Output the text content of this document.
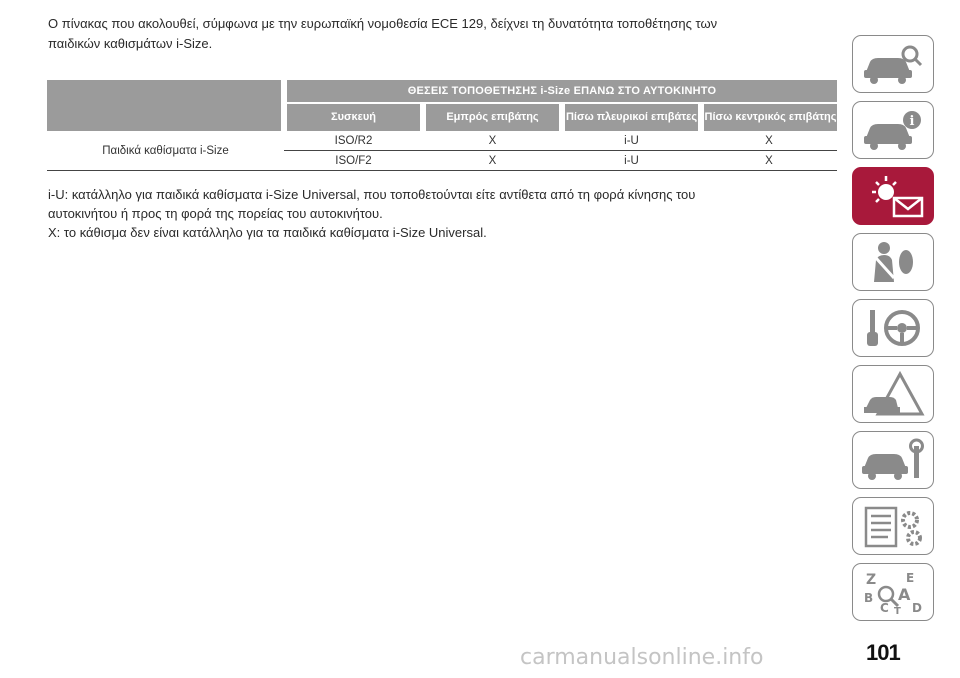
Ο πίνακας που ακολουθεί, σύμφωνα με την ευρωπαϊκή νομοθεσία ECE 129, δείχνει τη δυνατότητα τοποθέτησης των
παιδικών καθισμάτων i-Size.
	ΘΕΣΕΙΣ ΤΟΠΟΘΕΤΗΣΗΣ i-Size ΕΠΑΝΩ ΣΤΟ ΑΥΤΟΚΙΝΗΤΟ			
	Συσκευή	Εμπρός επιβάτης	Πίσω πλευρικοί επιβάτες	Πίσω κεντρικός επιβάτης
Παιδικά καθίσματα i-Size	ISO/R2	X	i-U	X
	ISO/F2	X	i-U	X

i-U: κατάλληλο για παιδικά καθίσματα i-Size Universal, που τοποθετούνται είτε αντίθετα από τη φορά κίνησης του

αυτοκινήτου ή προς τη φορά της πορείας του αυτοκινήτου.

X: το κάθισμα δεν είναι κατάλληλο για τα παιδικά καθίσματα i-Size Universal.

i
Z E
B A
C D
T
101
carmanualsonline.info
